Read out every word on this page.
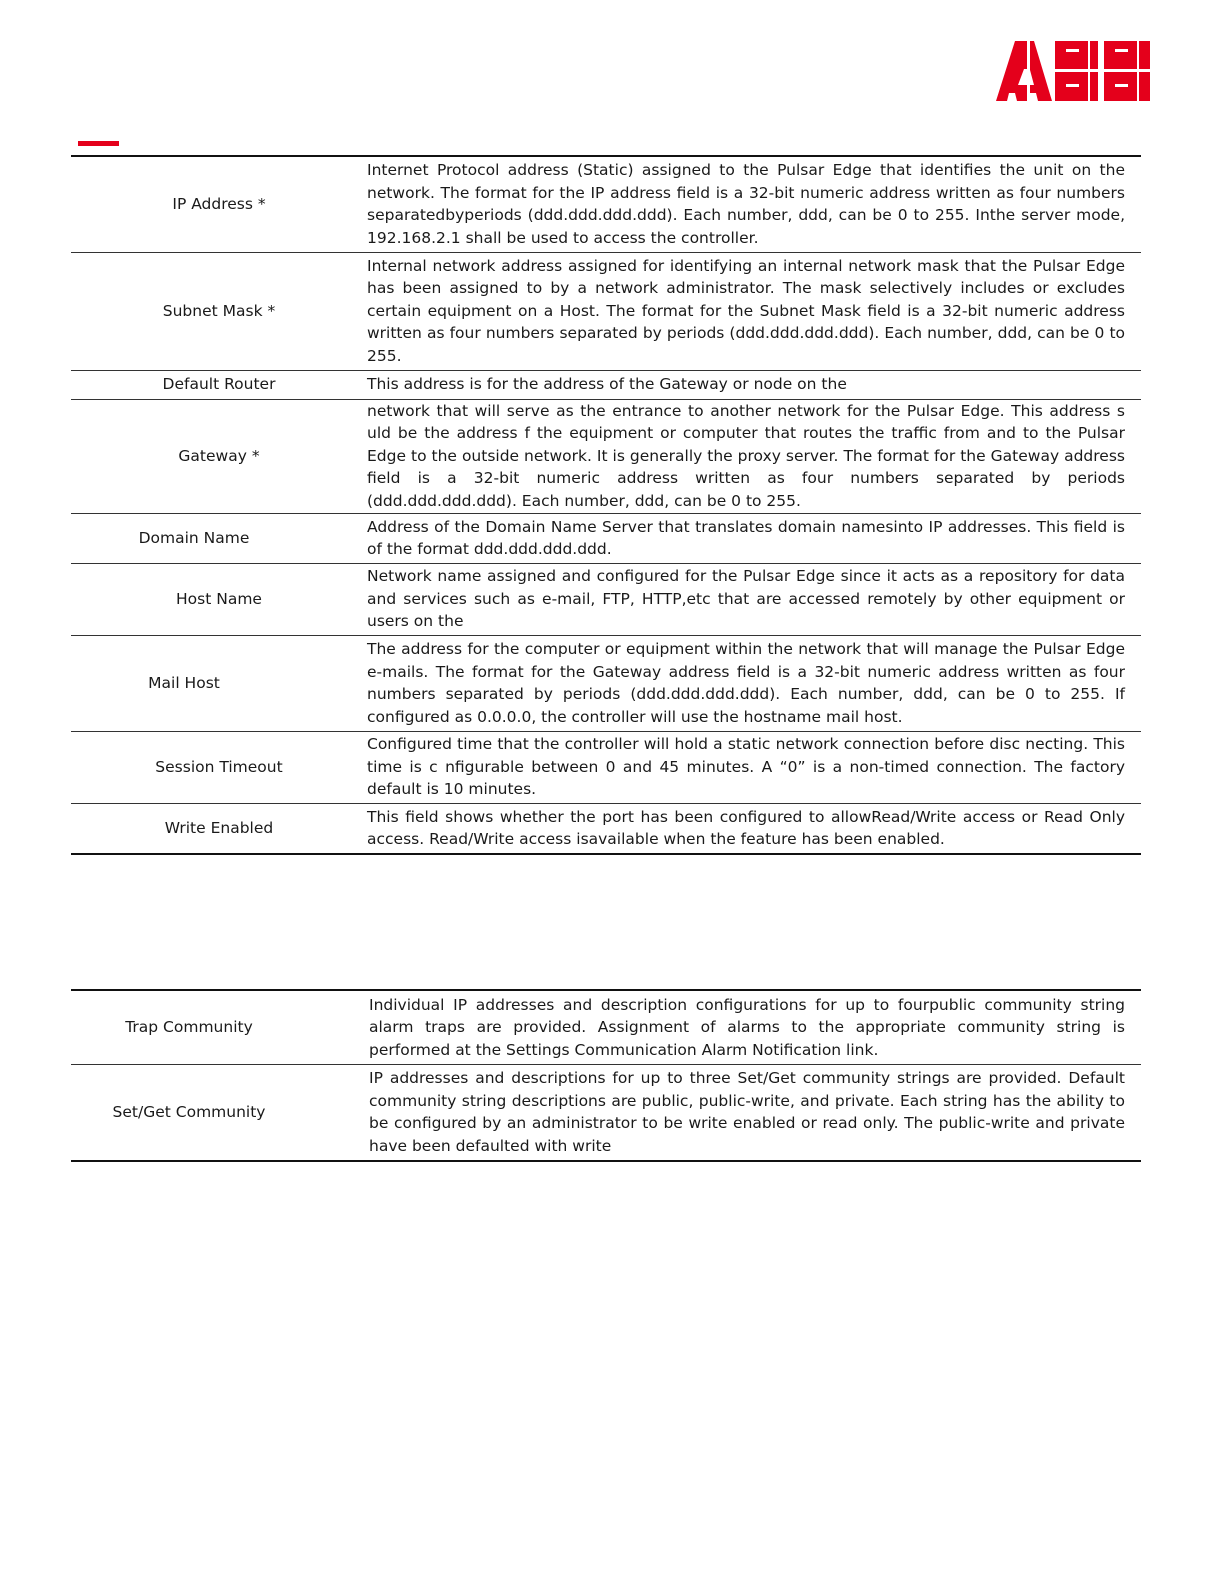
IP Address *	Internet Protocol address (Static) assigned to the Pulsar Edge that identifies the unit on the network. The format for the IP address field is a 32-bit numeric address written as four numbers separatedbyperiods (ddd.ddd.ddd.ddd). Each number, ddd, can be 0 to 255. Inthe server mode, 192.168.2.1 shall be used to access the controller.
Subnet Mask *	Internal network address assigned for identifying an internal network mask that the Pulsar Edge has been assigned to by a network administrator. The mask selectively includes or excludes certain equipment on a Host. The format for the Subnet Mask field is a 32-bit numeric address written as four numbers separated by periods (ddd.ddd.ddd.ddd). Each number, ddd, can be 0 to 255.
Default Router	This address is for the address of the Gateway or node on the
Gateway *	network that will serve as the entrance to another network for the Pulsar Edge. This address s uld be the address f the equipment or computer that routes the traffic from and to the Pulsar Edge to the outside network. It is generally the proxy server. The format for the Gateway address field is a 32-bit numeric address written as four numbers separated by periods (ddd.ddd.ddd.ddd). Each number, ddd, can be 0 to 255.
Domain Name	Address of the Domain Name Server that translates domain namesinto IP addresses. This field is of the format ddd.ddd.ddd.ddd.
Host Name	Network name assigned and configured for the Pulsar Edge since it acts as a repository for data and services such as e-mail, FTP, HTTP,etc that are accessed remotely by other equipment or users on the
Mail Host	The address for the computer or equipment within the network that will manage the Pulsar Edge e-mails. The format for the Gateway address field is a 32-bit numeric address written as four numbers separated by periods (ddd.ddd.ddd.ddd). Each number, ddd, can be 0 to 255. If configured as 0.0.0.0, the controller will use the hostname mail host.
Session Timeout	Configured time that the controller will hold a static network connection before disc necting. This time is c nfigurable between 0 and 45 minutes. A “0” is a non-timed connection. The factory default is 10 minutes.
Write Enabled	This field shows whether the port has been configured to allowRead/Write access or Read Only access. Read/Write access isavailable when the feature has been enabled.
Trap Community	Individual IP addresses and description configurations for up to fourpublic community string alarm traps are provided. Assignment of alarms to the appropriate community string is performed at the Settings Communication Alarm Notification link.
Set/Get Community	IP addresses and descriptions for up to three Set/Get community strings are provided. Default community string descriptions are public, public-write, and private. Each string has the ability to be configured by an administrator to be write enabled or read only. The public-write and private have been defaulted with write
